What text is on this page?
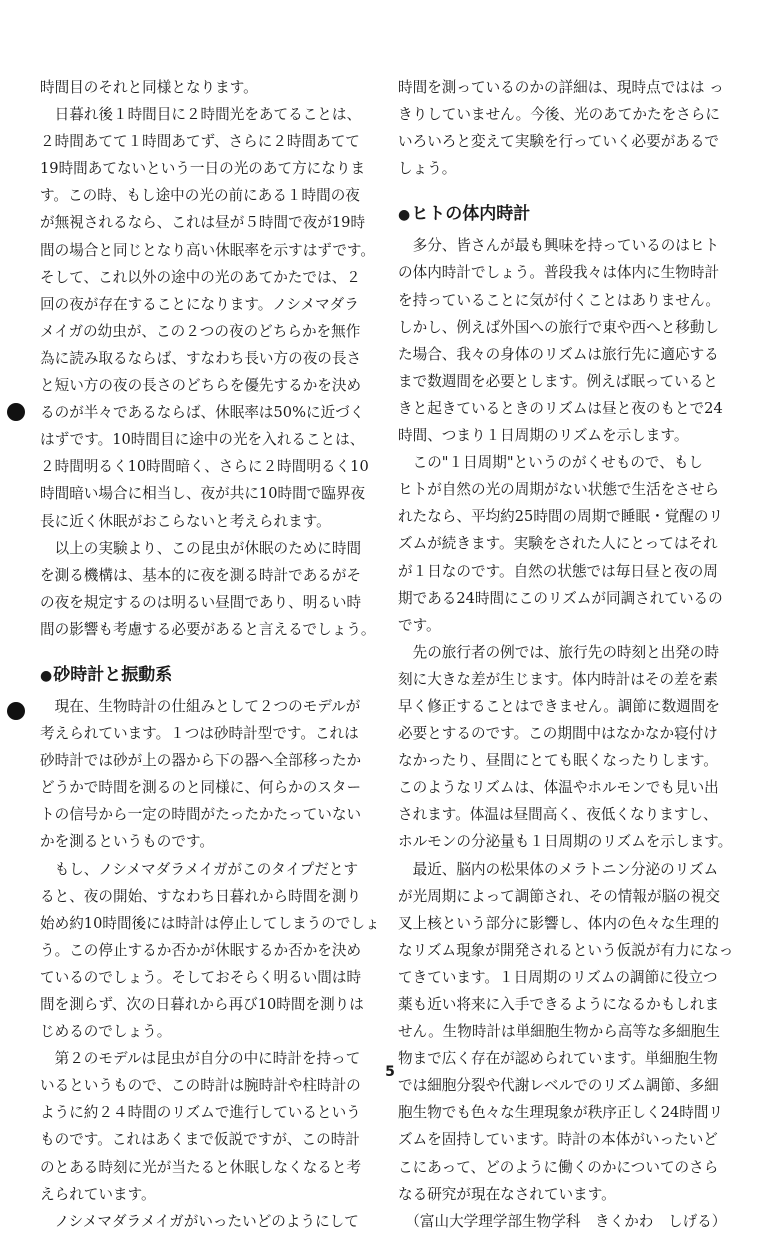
時間目のそれと同様となります。
　日暮れ後１時間目に２時間光をあてることは、
２時間あてて１時間あてず、さらに２時間あてて
19時間あてないという一日の光のあて方になりま
す。この時、もし途中の光の前にある１時間の夜
が無視されるなら、これは昼が５時間で夜が19時
間の場合と同じとなり高い休眠率を示すはずです。
そして、これ以外の途中の光のあてかたでは、２
回の夜が存在することになります。ノシメマダラ
メイガの幼虫が、この２つの夜のどちらかを無作
為に読み取るならば、すなわち長い方の夜の長さ
と短い方の夜の長さのどちらを優先するかを決め
るのが半々であるならば、休眠率は50%に近づく
はずです。10時間目に途中の光を入れることは、
２時間明るく10時間暗く、さらに２時間明るく10
時間暗い場合に相当し、夜が共に10時間で臨界夜
長に近く休眠がおこらないと考えられます。
　以上の実験より、この昆虫が休眠のために時間
を測る機構は、基本的に夜を測る時計であるがそ
の夜を規定するのは明るい昼間であり、明るい時
間の影響も考慮する必要があると言えるでしょう。
●砂時計と振動系
　現在、生物時計の仕組みとして２つのモデルが
考えられています。１つは砂時計型です。これは
砂時計では砂が上の器から下の器へ全部移ったか
どうかで時間を測るのと同様に、何らかのスター
トの信号から一定の時間がたったかたっていない
かを測るというものです。
　もし、ノシメマダラメイガがこのタイプだとす
ると、夜の開始、すなわち日暮れから時間を測り
始め約10時間後には時計は停止してしまうのでしょ
う。この停止するか否かが休眠するか否かを決め
ているのでしょう。そしておそらく明るい間は時
間を測らず、次の日暮れから再び10時間を測りは
じめるのでしょう。
　第２のモデルは昆虫が自分の中に時計を持って
いるというもので、この時計は腕時計や柱時計の
ように約２４時間のリズムで進行しているという
ものです。これはあくまで仮説ですが、この時計
のとある時刻に光が当たると休眠しなくなると考
えられています。
　ノシメマダラメイガがいったいどのようにして
時間を測っているのかの詳細は、現時点ではは っ
きりしていません。今後、光のあてかたをさらに
いろいろと変えて実験を行っていく必要があるで
しょう。
●ヒトの体内時計
　多分、皆さんが最も興味を持っているのはヒト
の体内時計でしょう。普段我々は体内に生物時計
を持っていることに気が付くことはありません。
しかし、例えば外国への旅行で東や西へと移動し
た場合、我々の身体のリズムは旅行先に適応する
まで数週間を必要とします。例えば眠っていると
きと起きているときのリズムは昼と夜のもとで24
時間、つまり１日周期のリズムを示します。
　この"１日周期"というのがくせもので、もし
ヒトが自然の光の周期がない状態で生活をさせら
れたなら、平均約25時間の周期で睡眠・覚醒のリ
ズムが続きます。実験をされた人にとってはそれ
が１日なのです。自然の状態では毎日昼と夜の周
期である24時間にこのリズムが同調されているの
です。
　先の旅行者の例では、旅行先の時刻と出発の時
刻に大きな差が生じます。体内時計はその差を素
早く修正することはできません。調節に数週間を
必要とするのです。この期間中はなかなか寝付け
なかったり、昼間にとても眠くなったりします。
このようなリズムは、体温やホルモンでも見い出
されます。体温は昼間高く、夜低くなりますし、
ホルモンの分泌量も１日周期のリズムを示します。
　最近、脳内の松果体のメラトニン分泌のリズム
が光周期によって調節され、その情報が脳の視交
叉上核という部分に影響し、体内の色々な生理的
なリズム現象が開発されるという仮説が有力になっ
てきています。１日周期のリズムの調節に役立つ
薬も近い将来に入手できるようになるかもしれま
せん。生物時計は単細胞生物から高等な多細胞生
物まで広く存在が認められています。単細胞生物
では細胞分裂や代謝レベルでのリズム調節、多細
胞生物でも色々な生理現象が秩序正しく24時間リ
ズムを固持しています。時計の本体がいったいど
こにあって、どのように働くのかについてのさら
なる研究が現在なされています。
　（富山大学理学部生物学科　きくかわ　しげる）
5
